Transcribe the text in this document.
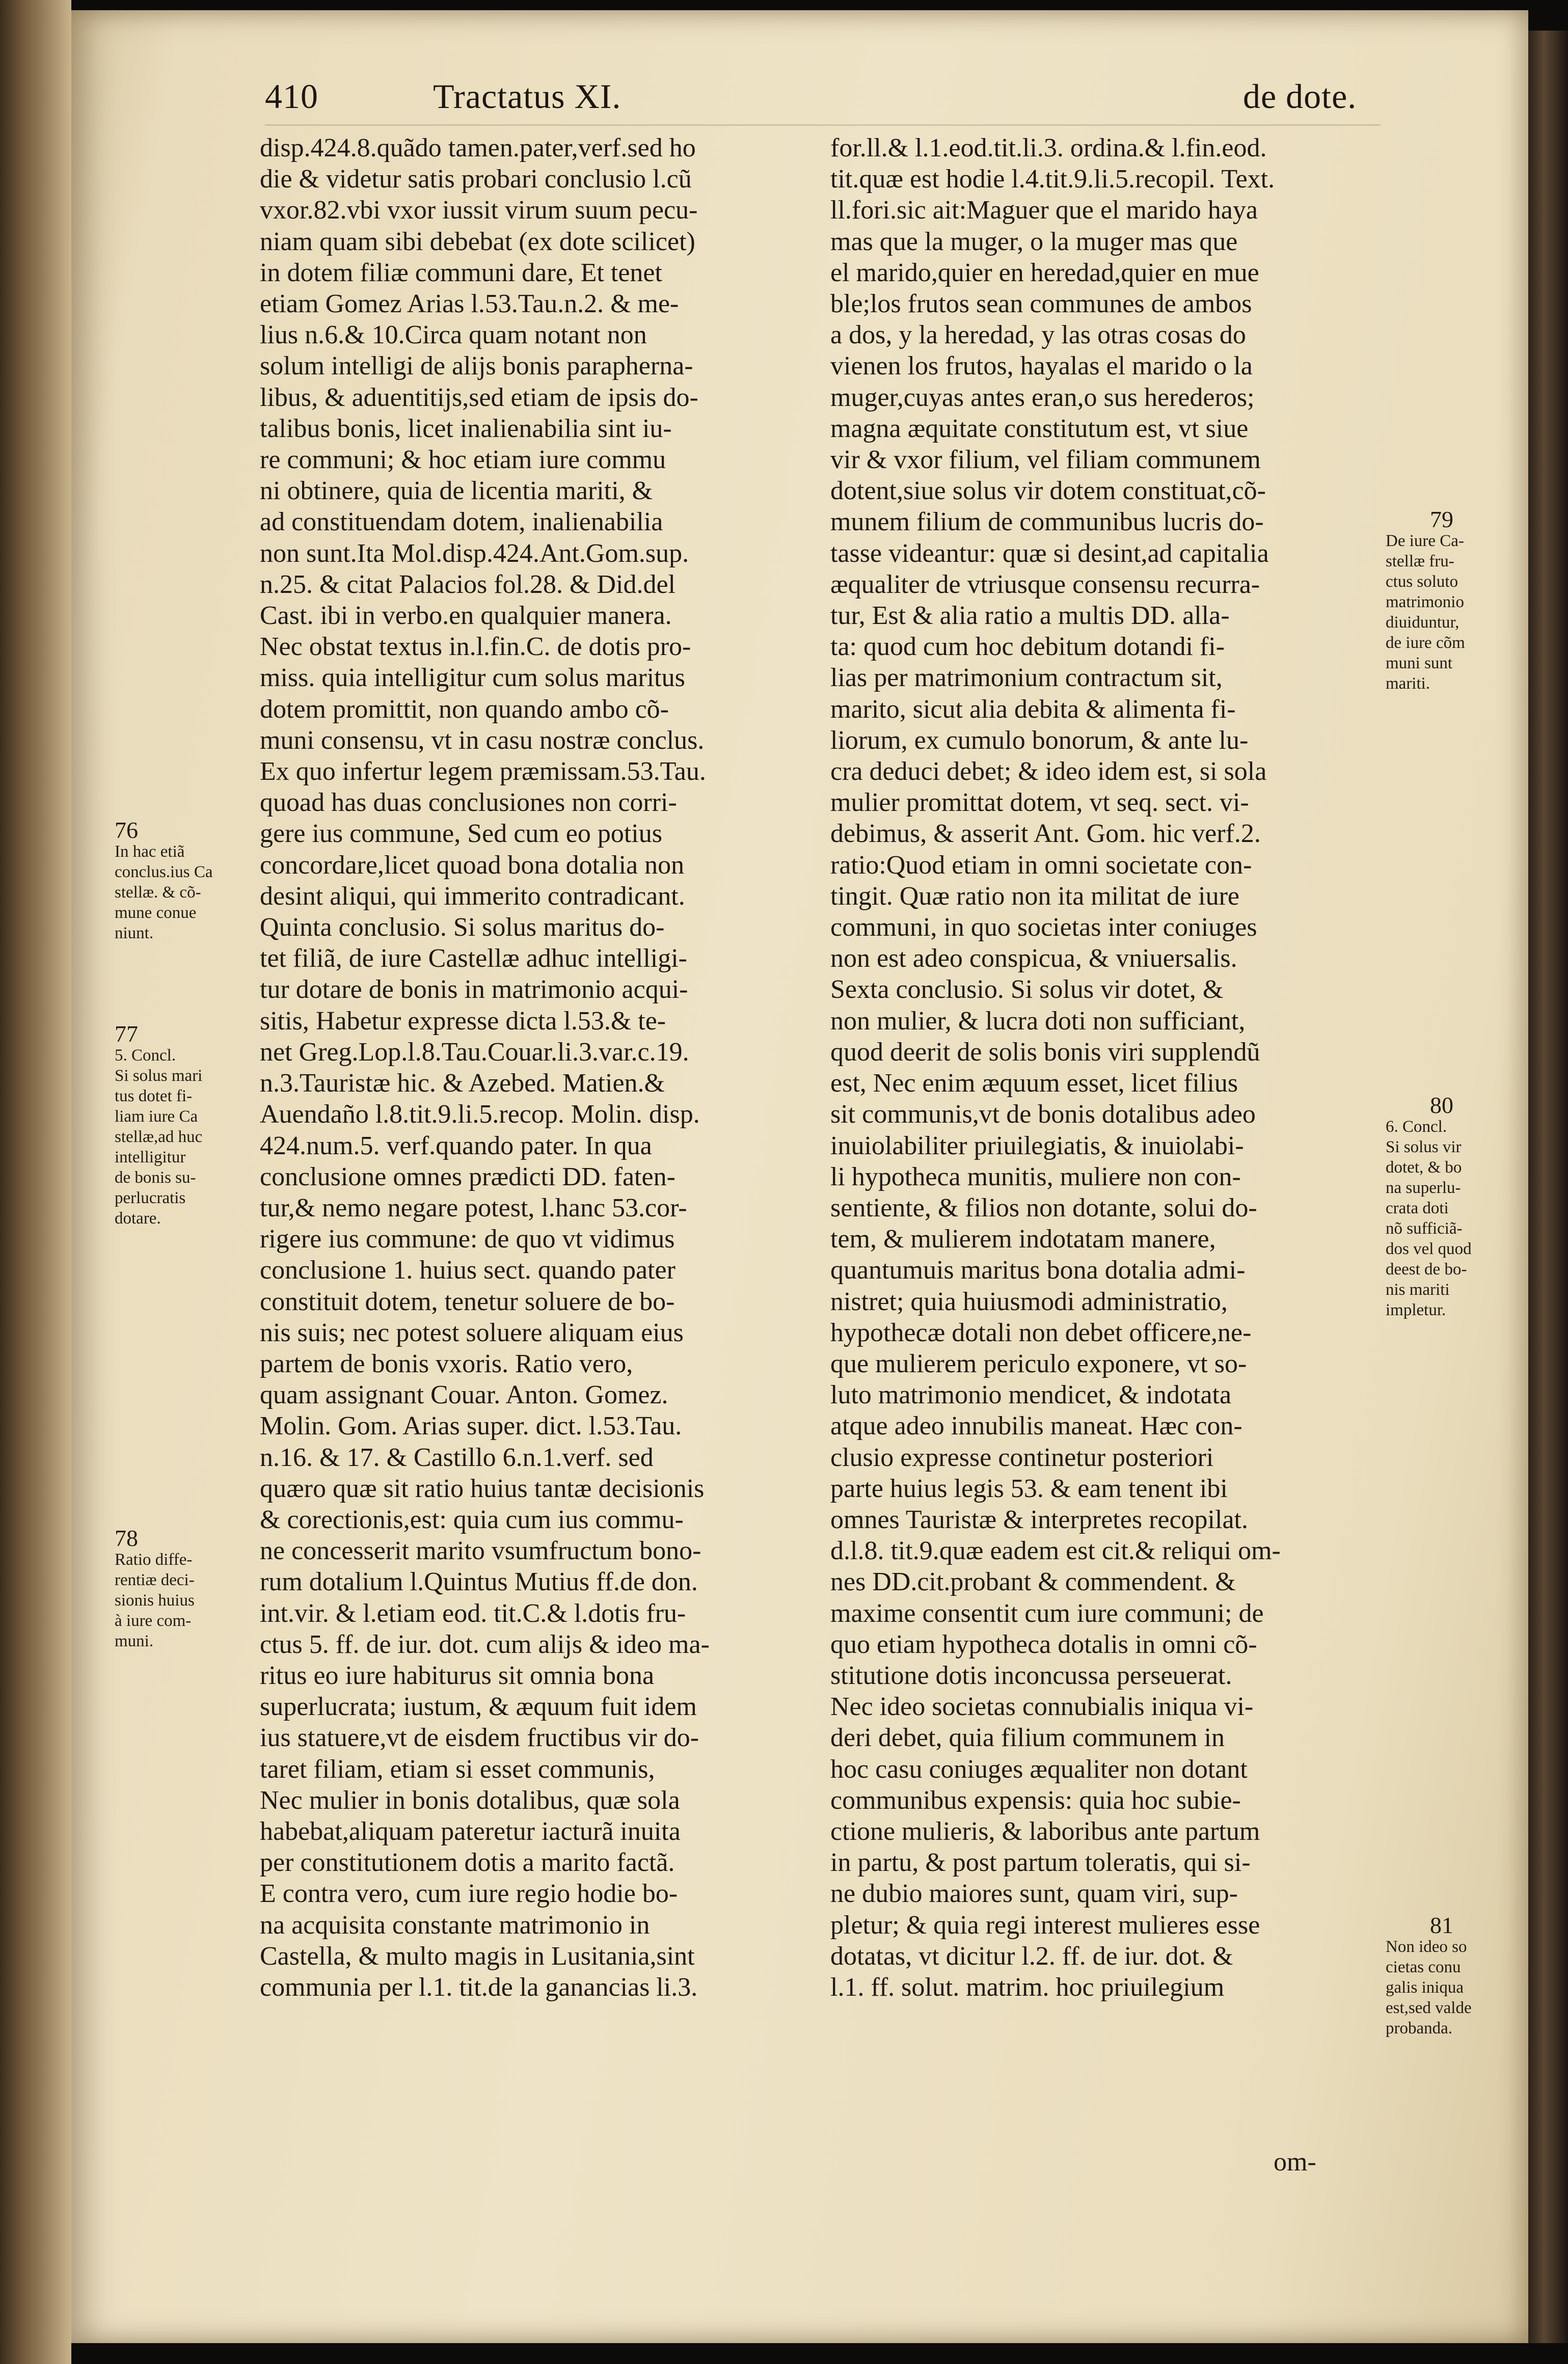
410	Tractatus XI.	de dote.
disp.424.8.quãdo tamen.pater,verf.sed ho
die & videtur satis probari conclusio l.cũ
vxor.82.vbi vxor iussit virum suum pecu-
niam quam sibi debebat (ex dote scilicet)
in dotem filiæ communi dare, Et tenet
etiam Gomez Arias l.53.Tau.n.2. & me-
lius n.6.& 10.Circa quam notant non
solum intelligi de alijs bonis paraphernа-
libus, & aduentitijs,sed etiam de ipsis do-
talibus bonis, licet inalienabilia sint iu-
re communi; & hoc etiam iure commu
ni obtinere, quia de licentia mariti, &
ad constituendam dotem, inalienabilia
non sunt.Ita Mol.disp.424.Ant.Gom.sup.
n.25. & citat Palacios fol.28. & Did.del
Cast. ibi in verbo.en qualquier manera.
Nec obstat textus in.l.fin.C. de dotis pro-
miss. quia intelligitur cum solus maritus
dotem promittit, non quando ambo cõ-
muni consensu, vt in casu nostræ conclus.
Ex quo infertur legem præmissam.53.Tau.
quoad has duas conclusiones non corri-
gere ius commune, Sed cum eo potius
concordare,licet quoad bona dotalia non
desint aliqui, qui immerito contradicant.
Quinta conclusio. Si solus maritus do-
tet filiã, de iure Castellæ adhuc intelligi-
tur dotare de bonis in matrimonio acqui-
sitis, Habetur expresse dicta l.53.& te-
net Greg.Lop.l.8.Tau.Couar.li.3.var.c.19.
n.3.Tauristæ hic. & Azebed. Matien.&
Auendaño l.8.tit.9.li.5.recop. Molin. disp.
424.num.5. verf.quando pater. In qua
conclusione omnes prædicti DD. faten-
tur,& nemo negare potest, l.hanc 53.cor-
rigere ius commune: de quo vt vidimus
conclusione 1. huius sect. quando pater
constituit dotem, tenetur soluere de bo-
nis suis; nec potest soluere aliquam eius
partem de bonis vxoris. Ratio vero,
quam assignant Couar. Anton. Gomez.
Molin. Gom. Arias super. dict. l.53.Tau.
n.16. & 17. & Castillo 6.n.1.verf. sed
quæro quæ sit ratio huius tantæ decisionis
& corectionis,est: quia cum ius commu-
ne concesserit marito vsumfructum bono-
rum dotalium l.Quintus Mutius ff.de don.
int.vir. & l.etiam eod. tit.C.& l.dotis fru-
ctus 5. ff. de iur. dot. cum alijs & ideo ma-
ritus eo iure habiturus sit omnia bona
superlucrata; iustum, & æquum fuit idem
ius statuere,vt de eisdem fructibus vir do-
taret filiam, etiam si esset communis,
Nec mulier in bonis dotalibus, quæ sola
habebat,aliquam pateretur iacturã inuita
per constitutionem dotis a marito factã.
E contra vero, cum iure regio hodie bo-
na acquisita constante matrimonio in
Castella, & multo magis in Lusitania,sint
communia per l.1. tit.de la ganancias li.3.
for.ll.& l.1.eod.tit.li.3. ordina.& l.fin.eod.
tit.quæ est hodie l.4.tit.9.li.5.recopil. Text.
ll.fori.sic ait:Maguer que el marido haya
mas que la muger, o la muger mas que
el marido,quier en heredad,quier en mue
ble;los frutos sean communes de ambos
a dos, y la heredad, y las otras cosas do
vienen los frutos, hayalas el marido o la
muger,cuyas antes eran,o sus herederos;
magna æquitate constitutum est, vt siue
vir & vxor filium, vel filiam communem
dotent,siue solus vir dotem constituat,cõ-
munem filium de communibus lucris do-
tasse videantur: quæ si desint,ad capitalia
æqualiter de vtriusque consensu recurra-
tur, Est & alia ratio a multis DD. alla-
ta: quod cum hoc debitum dotandi fi-
lias per matrimonium contractum sit,
marito, sicut alia debita & alimenta fi-
liorum, ex cumulo bonorum, & ante lu-
cra deduci debet; & ideo idem est, si sola
mulier promittat dotem, vt seq. sect. vi-
debimus, & asserit Ant. Gom. hic verf.2.
ratio:Quod etiam in omni societate con-
tingit. Quæ ratio non ita militat de iure
communi, in quo societas inter coniuges
non est adeo conspicua, & vniuersalis.
Sexta conclusio. Si solus vir dotet, &
non mulier, & lucra doti non sufficiant,
quod deerit de solis bonis viri supplendũ
est, Nec enim æquum esset, licet filius
sit communis,vt de bonis dotalibus adeo
inuiolabiliter priuilegiatis, & inuiolabi-
li hypotheca munitis, muliere non con-
sentiente, & filios non dotante, solui do-
tem, & mulierem indotatam manere,
quantumuis maritus bona dotalia admi-
nistret; quia huiusmodi administratio,
hypothecæ dotali non debet officere,ne-
que mulierem periculo exponere, vt so-
luto matrimonio mendicet, & indotata
atque adeo innubilis maneat. Hæc con-
clusio expresse continetur posteriori
parte huius legis 53. & eam tenent ibi
omnes Tauristæ & interpretes recopilat.
d.l.8. tit.9.quæ eadem est cit.& reliqui om-
nes DD.cit.probant & commendent. &
maxime consentit cum iure communi; de
quo etiam hypotheca dotalis in omni cõ-
stitutione dotis inconcussa perseuerat.
Nec ideo societas connubialis iniqua vi-
deri debet, quia filium communem in
hoc casu coniuges æqualiter non dotant
communibus expensis: quia hoc subie-
ctione mulieris, & laboribus ante partum
in partu, & post partum toleratis, qui si-
ne dubio maiores sunt, quam viri, sup-
pletur; & quia regi interest mulieres esse
dotatas, vt dicitur l.2. ff. de iur. dot. &
l.1. ff. solut. matrim. hoc priuilegium
om-
76
In hac etiã
conclus.ius Ca
stellæ. & cõ-
mune conue
niunt.
77
5. Concl.
Si solus mari
tus dotet fi-
liam iure Ca
stellæ,ad huc
intelligitur
de bonis su-
perlucratis
dotare.
78
Ratio diffe-
rentiæ deci-
sionis huius
à iure com-
muni.
79
De iure Ca-
stellæ fru-
ctus soluto
matrimonio
diuiduntur,
de iure cõm
muni sunt
mariti.
80
6. Concl.
Si solus vir
dotet, & bo
na superlu-
crata doti
nõ sufficiã-
dos vel quod
deest de bo-
nis mariti
impletur.
81
Non ideo so
cietas conu
galis iniqua
est,sed valde
probanda.
